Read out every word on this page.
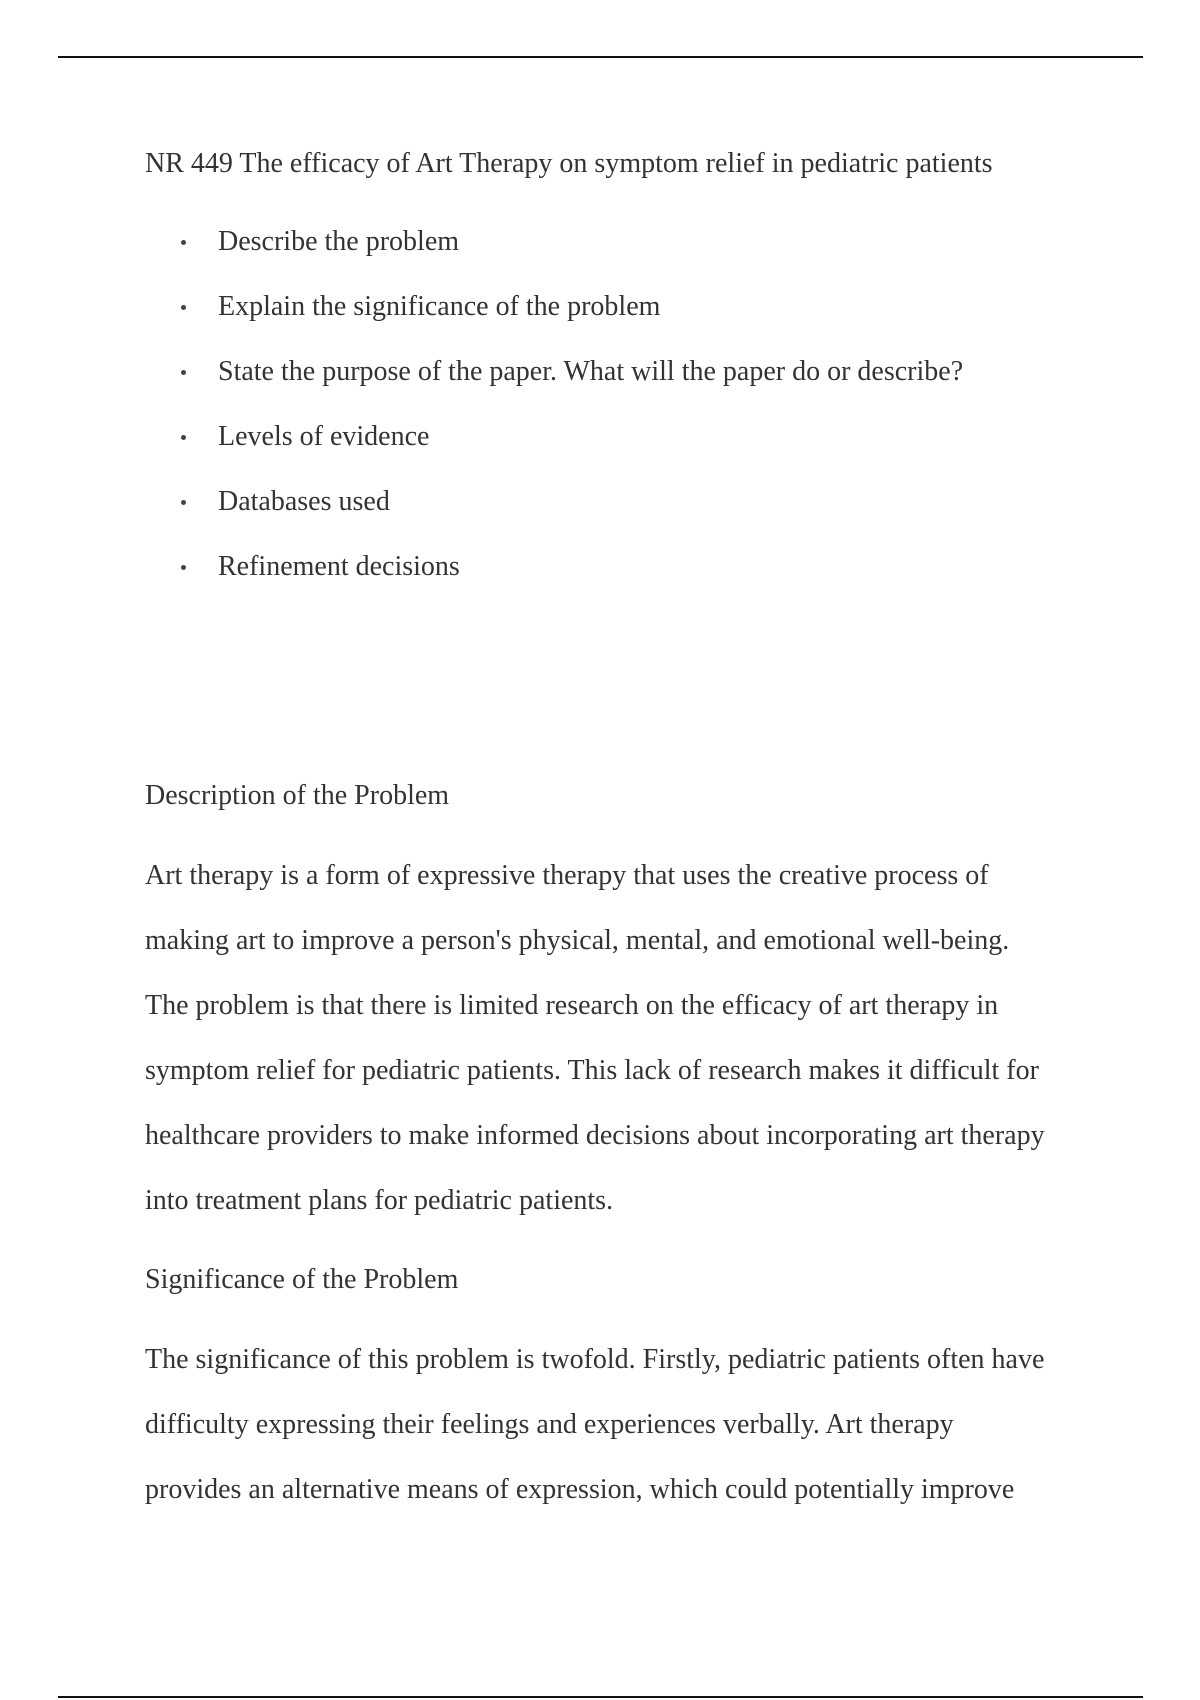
NR 449 The efficacy of Art Therapy on symptom relief in pediatric patients
Describe the problem
Explain the significance of the problem
State the purpose of the paper. What will the paper do or describe?
Levels of evidence
Databases used
Refinement decisions
Description of the Problem
Art therapy is a form of expressive therapy that uses the creative process of
making art to improve a person's physical, mental, and emotional well-being.
The problem is that there is limited research on the efficacy of art therapy in
symptom relief for pediatric patients. This lack of research makes it difficult for
healthcare providers to make informed decisions about incorporating art therapy
into treatment plans for pediatric patients.
Significance of the Problem
The significance of this problem is twofold. Firstly, pediatric patients often have
difficulty expressing their feelings and experiences verbally. Art therapy
provides an alternative means of expression, which could potentially improve
